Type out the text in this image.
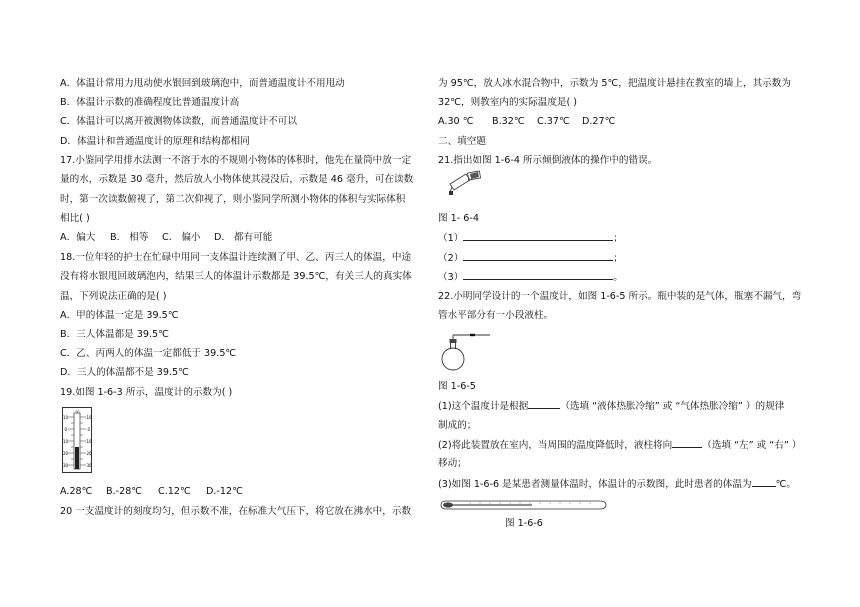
A．体温计常用力甩动使水银回到玻璃泡中，而普通温度计不用甩动
B．体温计示数的准确程度比普通温度计高
C．体温计可以离开被测物体读数，而普通温度计不可以
D．体温计和普通温度计的原理和结构都相同
17.小鉴同学用排水法测一不溶于水的不规则小物体的体积时，他先在量筒中放一定
量的水，示数是 30 毫升，然后放人小物体使其浸没后，示数是 46 毫升，可在读数
时，第一次读数俯视了，第二次仰视了，则小鉴同学所测小物体的体积与实际体积
相比( )
A．偏大 B． 相等 C． 偏小 D． 都有可能
18.一位年轻的护士在忙碌中用同一支体温计连续测了甲、乙、丙三人的体温，中途
没有将水银甩回玻璃泡内，结果三人的体温计示数都是 39.5℃，有关三人的真实体
温，下列说法正确的是( )
A．甲的体温一定是 39.5℃
B．三人体温都是 39.5℃
C．乙、丙两人的体温一定都低于 39.5℃
D．三人的体温都不是 39.5℃
19.如图 1-6-3 所示，温度计的示数为( )
10
0
10
20
30
10
0
10
20
30
A.28℃ B.-28℃ C.12℃ D.-12℃
20 一支温度计的刻度均匀，但示数不准，在标准大气压下，将它放在沸水中，示数
为 95℃，放人冰水混合物中，示数为 5℃，把温度计悬挂在教室的墙上，其示数为
32℃，则教室内的实际温度是( )
A.30 ℃ B.32℃ C.37℃ D.27℃
二、填空题
21.指出如图 1-6-4 所示倾倒液体的操作中的错误。
图 1- 6-4
（1）	；
（2）	；
（3）	。
22.小明同学设计的一个温度计，如图 1-6-5 所示。瓶中装的是气体，瓶塞不漏气，弯
管水平部分有一小段液柱。
图 1-6-5
(1)这个温度计是根据	（选填 “液体热胀冷缩” 或 “气体热胀冷缩” ）的规律
制成的；
(2)将此装置放在室内，当周围的温度降低时，液柱将向	（选填 “左” 或 “右” ）
移动；
(3)如图 1-6-6 是某患者测量体温时，体温计的示数图，此时患者的体温为	℃。
图 1-6-6
